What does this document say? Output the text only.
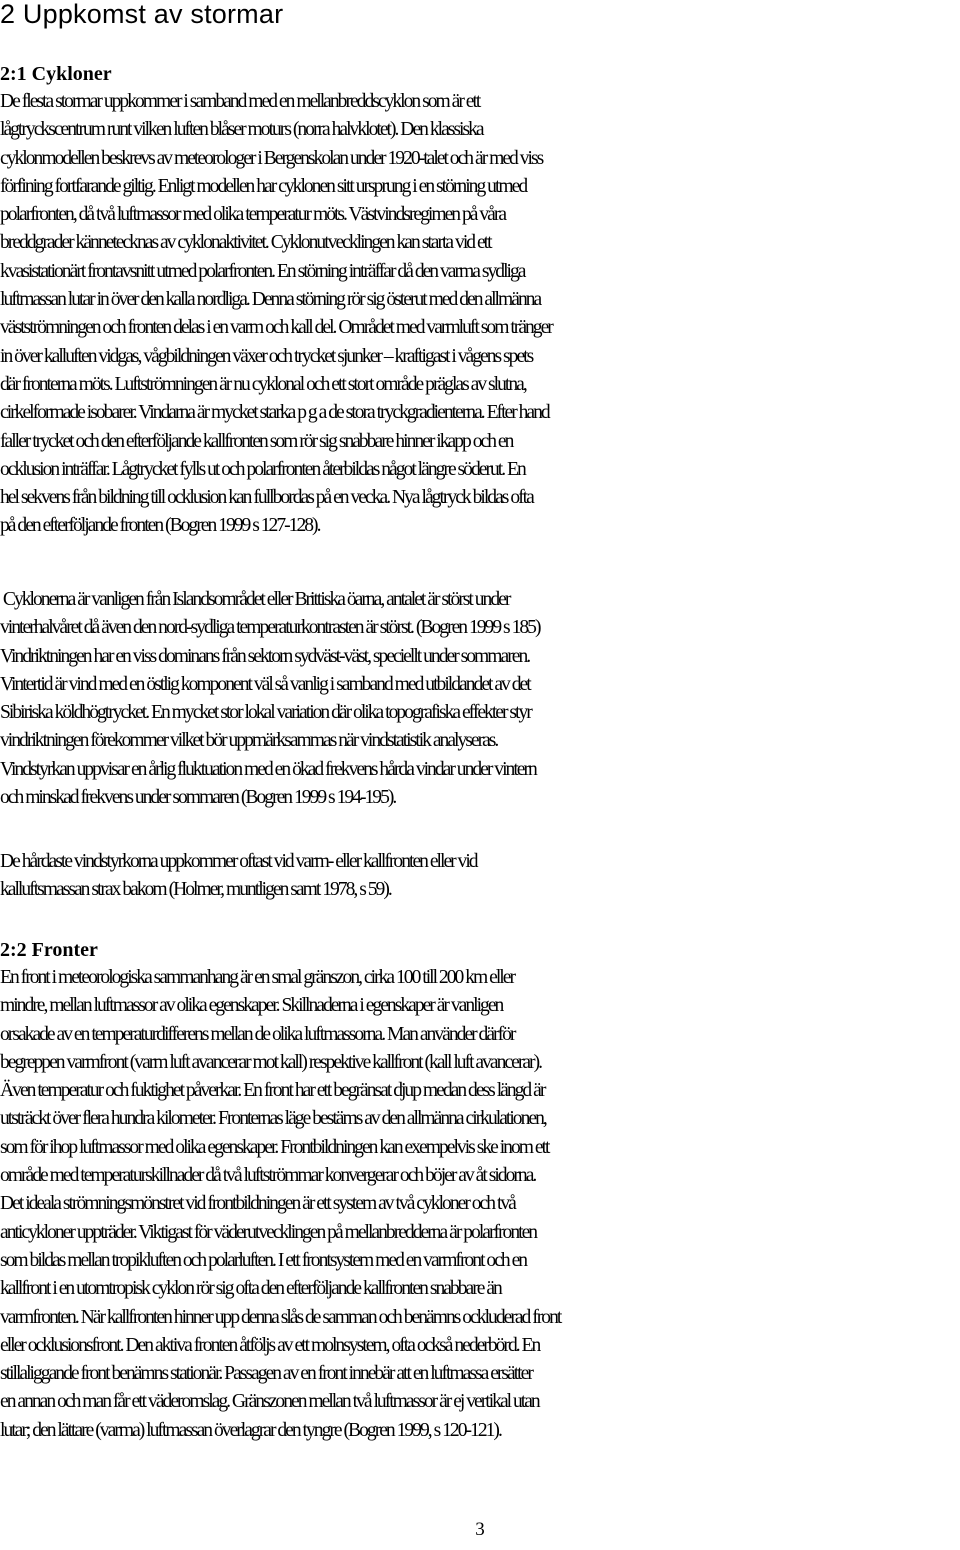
2 Uppkomst av stormar
2:1 Cykloner
De flesta stormar uppkommer i samband med en mellanbreddscyklon som är ett
lågtryckscentrum runt vilken luften blåser moturs (norra halvklotet). Den klassiska
cyklonmodellen beskrevs av meteorologer i Bergenskolan under 1920-talet och är med viss
förfining fortfarande giltig. Enligt modellen har cyklonen sitt ursprung i en störning utmed
polarfronten, då två luftmassor med olika temperatur möts. Västvindsregimen på våra
breddgrader kännetecknas av cyklonaktivitet. Cyklonutvecklingen kan starta vid ett
kvasistationärt frontavsnitt utmed polarfronten. En störning inträffar då den varma sydliga
luftmassan lutar in över den kalla nordliga. Denna störning rör sig österut med den allmänna
västströmningen och fronten delas i en varm och kall del. Området med varmluft som tränger
in över kalluften vidgas, vågbildningen växer och trycket sjunker – kraftigast i vågens spets
där fronterna möts. Luftströmningen är nu cyklonal och ett stort område präglas av slutna,
cirkelformade isobarer. Vindarna är mycket starka p g a de stora tryckgradienterna. Efter hand
faller trycket och den efterföljande kallfronten som rör sig snabbare hinner ikapp och en
ocklusion inträffar. Lågtrycket fylls ut och polarfronten återbildas något längre söderut. En
hel sekvens från bildning till ocklusion kan fullbordas på en vecka. Nya lågtryck bildas ofta
på den efterföljande fronten (Bogren 1999 s 127-128).
Cyklonerna är vanligen från Islandsområdet eller Brittiska öarna, antalet är störst under
vinterhalvåret då även den nord-sydliga temperaturkontrasten är störst. (Bogren 1999 s 185)
Vindriktningen har en viss dominans från sektorn sydväst-väst, speciellt under sommaren.
Vintertid är vind med en östlig komponent väl så vanlig i samband med utbildandet av det
Sibiriska köldhögtrycket. En mycket stor lokal variation där olika topografiska effekter styr
vindriktningen förekommer vilket bör uppmärksammas när vindstatistik analyseras.
Vindstyrkan uppvisar en årlig fluktuation med en ökad frekvens hårda vindar under vintern
och minskad frekvens under sommaren (Bogren 1999 s 194-195).
De hårdaste vindstyrkorna uppkommer oftast vid varm- eller kallfronten eller vid
kalluftsmassan strax bakom (Holmer, muntligen samt 1978, s 59).
2:2 Fronter
En front i meteorologiska sammanhang är en smal gränszon, cirka 100 till 200 km eller
mindre, mellan luftmassor av olika egenskaper. Skillnaderna i egenskaper är vanligen
orsakade av en temperaturdifferens mellan de olika luftmassorna. Man använder därför
begreppen varmfront (varm luft avancerar mot kall) respektive kallfront (kall luft avancerar).
Även temperatur och fuktighet påverkar. En front har ett begränsat djup medan dess längd är
utsträckt över flera hundra kilometer. Fronternas läge bestäms av den allmänna cirkulationen,
som för ihop luftmassor med olika egenskaper. Frontbildningen kan exempelvis ske inom ett
område med temperaturskillnader då två luftströmmar konvergerar och böjer av åt sidorna.
Det ideala strömningsmönstret vid frontbildningen är ett system av två cykloner och två
anticykloner uppträder. Viktigast för väderutvecklingen på mellanbredderna är polarfronten
som bildas mellan tropikluften och polarluften. I ett frontsystem med en varmfront och en
kallfront i en utomtropisk cyklon rör sig ofta den efterföljande kallfronten snabbare än
varmfronten. När kallfronten hinner upp denna slås de samman och benämns ockluderad front
eller ocklusionsfront. Den aktiva fronten åtföljs av ett molnsystem, ofta också nederbörd. En
stillaliggande front benämns stationär. Passagen av en front innebär att en luftmassa ersätter
en annan och man får ett väderomslag. Gränszonen mellan två luftmassor är ej vertikal utan
lutar; den lättare (varma) luftmassan överlagrar den tyngre (Bogren 1999, s 120-121).
3
